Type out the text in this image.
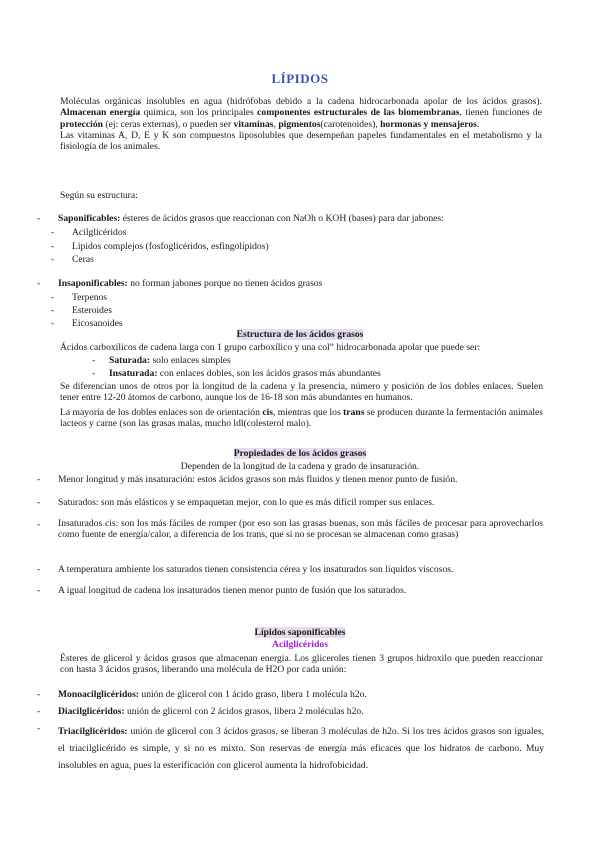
LÍPIDOS
Moléculas orgánicas insolubles en agua (hidrófobas debido a la cadena hidrocarbonada apolar de los ácidos grasos). Almacenan energía química, son los principales componentes estructurales de las biomembranas, tienen funciones de protección (ej: ceras externas), o pueden ser vitaminas, pigmentos(carotenoides), hormonas y mensajeros.
Las vitaminas A, D, E y K son compuestos liposolubles que desempeñan papeles fundamentales en el metabolismo y la fisiología de los animales.
Según su estructura:
- Saponificables: ésteres de ácidos grasos que reaccionan con NaOh o KOH (bases) para dar jabones:
- Acilglicéridos
- Lípidos complejos (fosfoglicéridos, esfingolípidos)
- Ceras
- Insaponificables: no forman jabones porque no tienen ácidos grasos
- Terpenos
- Esteroides
- Eicosanoides
Estructura de los ácidos grasos
Ácidos carboxílicos de cadena larga con 1 grupo carboxílico y una col” hidrocarbonada apolar que puede ser:
- Saturada: solo enlaces simples
- Insaturada: con enlaces dobles, son los ácidos grasos más abundantes
Se diferencian unos de otros por la longitud de la cadena y la presencia, número y posición de los dobles enlaces. Suelen tener entre 12-20 átomos de carbono, aunque los de 16-18 son más abundantes en humanos.
La mayoría de los dobles enlaces son de orientación cis, mientras que los trans se producen durante la fermentación animales lacteos y carne (son las grasas malas, mucho ldl(colesterol malo).
Propiedades de los ácidos grasos
Dependen de la longitud de la cadena y grado de insaturación.
- Menor longitud y más insaturación: estos ácidos grasos son más fluidos y tienen menor punto de fusión.
- Saturados: son más elásticos y se empaquetan mejor, con lo que es más difícil romper sus enlaces.
- Insaturados cis: son los más fáciles de romper (por eso son las grasas buenas, son más fáciles de procesar para aprovecharlos como fuente de energía/calor, a diferencia de los trans, que si no se procesan se almacenan como grasas)
- A temperatura ambiente los saturados tienen consistencia cérea y los insaturados son líquidos viscosos.
- A igual longitud de cadena los insaturados tienen menor punto de fusión que los saturados.
Lípidos saponificables
Acilglicéridos
Ésteres de glicerol y ácidos grasos que almacenan energía. Los gliceroles tienen 3 grupos hidroxilo que pueden reaccionar con hasta 3 ácidos grasos, liberando una molécula de H2O por cada unión:
- Monoacilglicéridos: unión de glicerol con 1 ácido graso, libera 1 molécula h2o.
- Diacilglicéridos: unión de glicerol con 2 ácidos grasos, libera 2 moléculas h2o.
- Triacilglicéridos: unión de glicerol con 3 ácidos grasos, se liberan 3 moléculas de h2o. Si los tres ácidos grasos son iguales, el triacilglicérido es simple, y si no es mixto. Son reservas de energía más eficaces que los hidratos de carbono. Muy insolubles en agua, pues la esterificación con glicerol aumenta la hidrofobicidad.
